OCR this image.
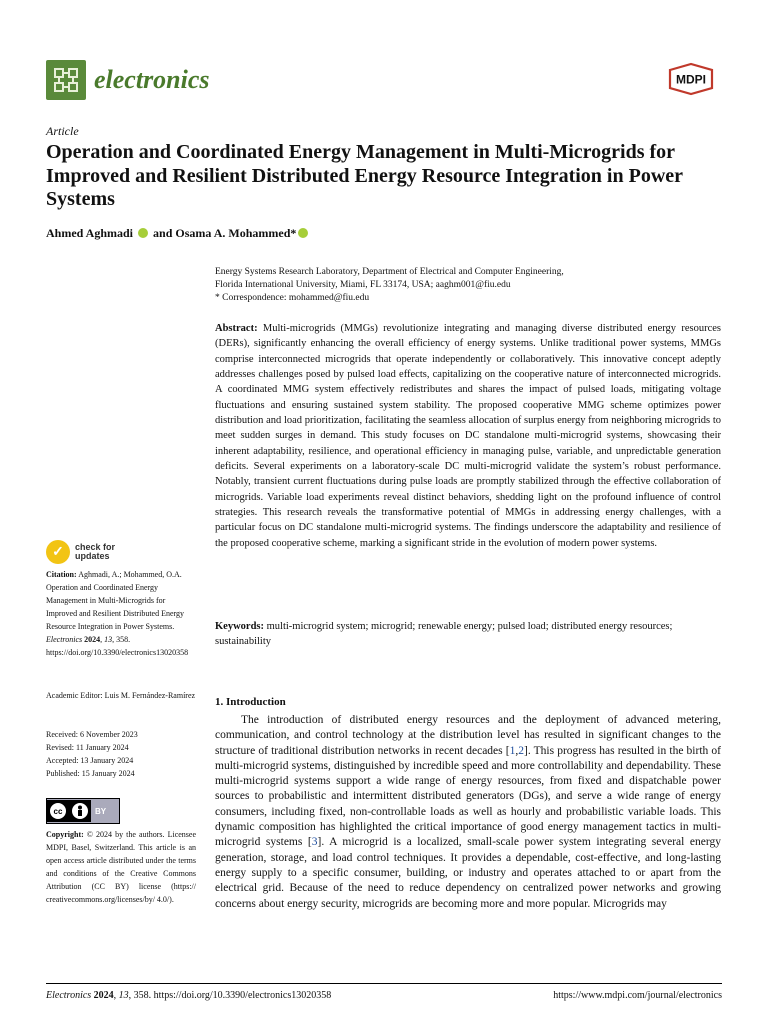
electronics	MDPI
Article
Operation and Coordinated Energy Management in Multi-Microgrids for Improved and Resilient Distributed Energy Resource Integration in Power Systems
Ahmed Aghmadi and Osama A. Mohammed*
Energy Systems Research Laboratory, Department of Electrical and Computer Engineering,
Florida International University, Miami, FL 33174, USA; aaghm001@fiu.edu
* Correspondence: mohammed@fiu.edu
Abstract: Multi-microgrids (MMGs) revolutionize integrating and managing diverse distributed energy resources (DERs), significantly enhancing the overall efficiency of energy systems. Unlike traditional power systems, MMGs comprise interconnected microgrids that operate independently or collaboratively. This innovative concept adeptly addresses challenges posed by pulsed load effects, capitalizing on the cooperative nature of interconnected microgrids. A coordinated MMG system effectively redistributes and shares the impact of pulsed loads, mitigating voltage fluctuations and ensuring sustained system stability. The proposed cooperative MMG scheme optimizes power distribution and load prioritization, facilitating the seamless allocation of surplus energy from neighboring microgrids to meet sudden surges in demand. This study focuses on DC standalone multi-microgrid systems, showcasing their inherent adaptability, resilience, and operational efficiency in managing pulse, variable, and unpredictable generation deficits. Several experiments on a laboratory-scale DC multi-microgrid validate the system’s robust performance. Notably, transient current fluctuations during pulse loads are promptly stabilized through the effective collaboration of microgrids. Variable load experiments reveal distinct behaviors, shedding light on the profound influence of control strategies. This research reveals the transformative potential of MMGs in addressing energy challenges, with a particular focus on DC standalone multi-microgrid systems. The findings underscore the adaptability and resilience of the proposed cooperative scheme, marking a significant stride in the evolution of modern power systems.
Keywords: multi-microgrid system; microgrid; renewable energy; pulsed load; distributed energy resources; sustainability
✓	check for
updates
Citation: Aghmadi, A.; Mohammed, O.A. Operation and Coordinated Energy Management in Multi-Microgrids for Improved and Resilient Distributed Energy Resource Integration in Power Systems. Electronics 2024, 13, 358. https://doi.org/10.3390/electronics13020358
Academic Editor: Luis M. Fernández-Ramírez
Received: 6 November 2023
Revised: 11 January 2024
Accepted: 13 January 2024
Published: 15 January 2024
cc	BY
Copyright: © 2024 by the authors. Licensee MDPI, Basel, Switzerland. This article is an open access article distributed under the terms and conditions of the Creative Commons Attribution (CC BY) license (https:// creativecommons.org/licenses/by/ 4.0/).
1. Introduction
The introduction of distributed energy resources and the deployment of advanced metering, communication, and control technology at the distribution level has resulted in significant changes to the structure of traditional distribution networks in recent decades [1,2]. This progress has resulted in the birth of multi-microgrid systems, distinguished by incredible speed and more controllability and dependability. These multi-microgrid systems support a wide range of energy resources, from fixed and dispatchable power sources to probabilistic and intermittent distributed generators (DGs), and serve a wide range of energy consumers, including fixed, non-controllable loads as well as hourly and probabilistic variable loads. This dynamic composition has highlighted the critical importance of good energy management tactics in multi-microgrid systems [3]. A microgrid is a localized, small-scale power system integrating several energy generation, storage, and load control techniques. It provides a dependable, cost-effective, and long-lasting energy supply to a specific consumer, building, or industry and operates attached to or apart from the electrical grid. Because of the need to reduce dependency on centralized power networks and growing concerns about energy security, microgrids are becoming more and more popular. Microgrids may
Electronics 2024, 13, 358. https://doi.org/10.3390/electronics13020358	https://www.mdpi.com/journal/electronics
